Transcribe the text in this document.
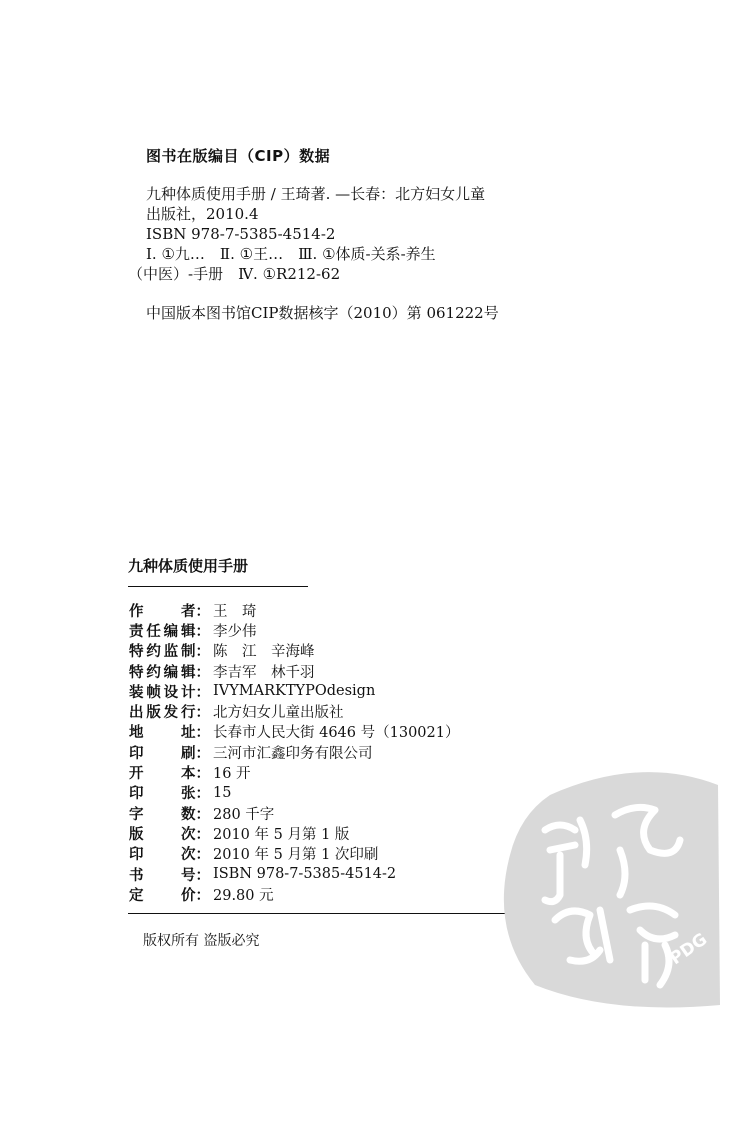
图书在版编目（CIP）数据
九种体质使用手册 / 王琦著. —长春：北方妇女儿童
出版社，2010.4
ISBN 978-7-5385-4514-2
Ⅰ. ①九…　Ⅱ. ①王…　Ⅲ. ①体质-关系-养生
（中医）-手册　Ⅳ. ①R212-62
中国版本图书馆CIP数据核字（2010）第 061222号
九种体质使用手册
作	者： 王　琦
责 任 编 辑： 李少伟
特 约 监 制： 陈　江　辛海峰
特 约 编 辑： 李吉军　林千羽
装 帧 设 计： IVYMARKTYPOdesign
出 版 发 行： 北方妇女儿童出版社
地	址： 长春市人民大街 4646 号（130021）
印	刷： 三河市汇鑫印务有限公司
开	本： 16 开
印	张： 15
字	数： 280 千字
版	次： 2010 年 5 月第 1 版
印	次： 2010 年 5 月第 1 次印刷
书	号： ISBN 978-7-5385-4514-2
定	价： 29.80 元
版权所有 盗版必究	PDG
